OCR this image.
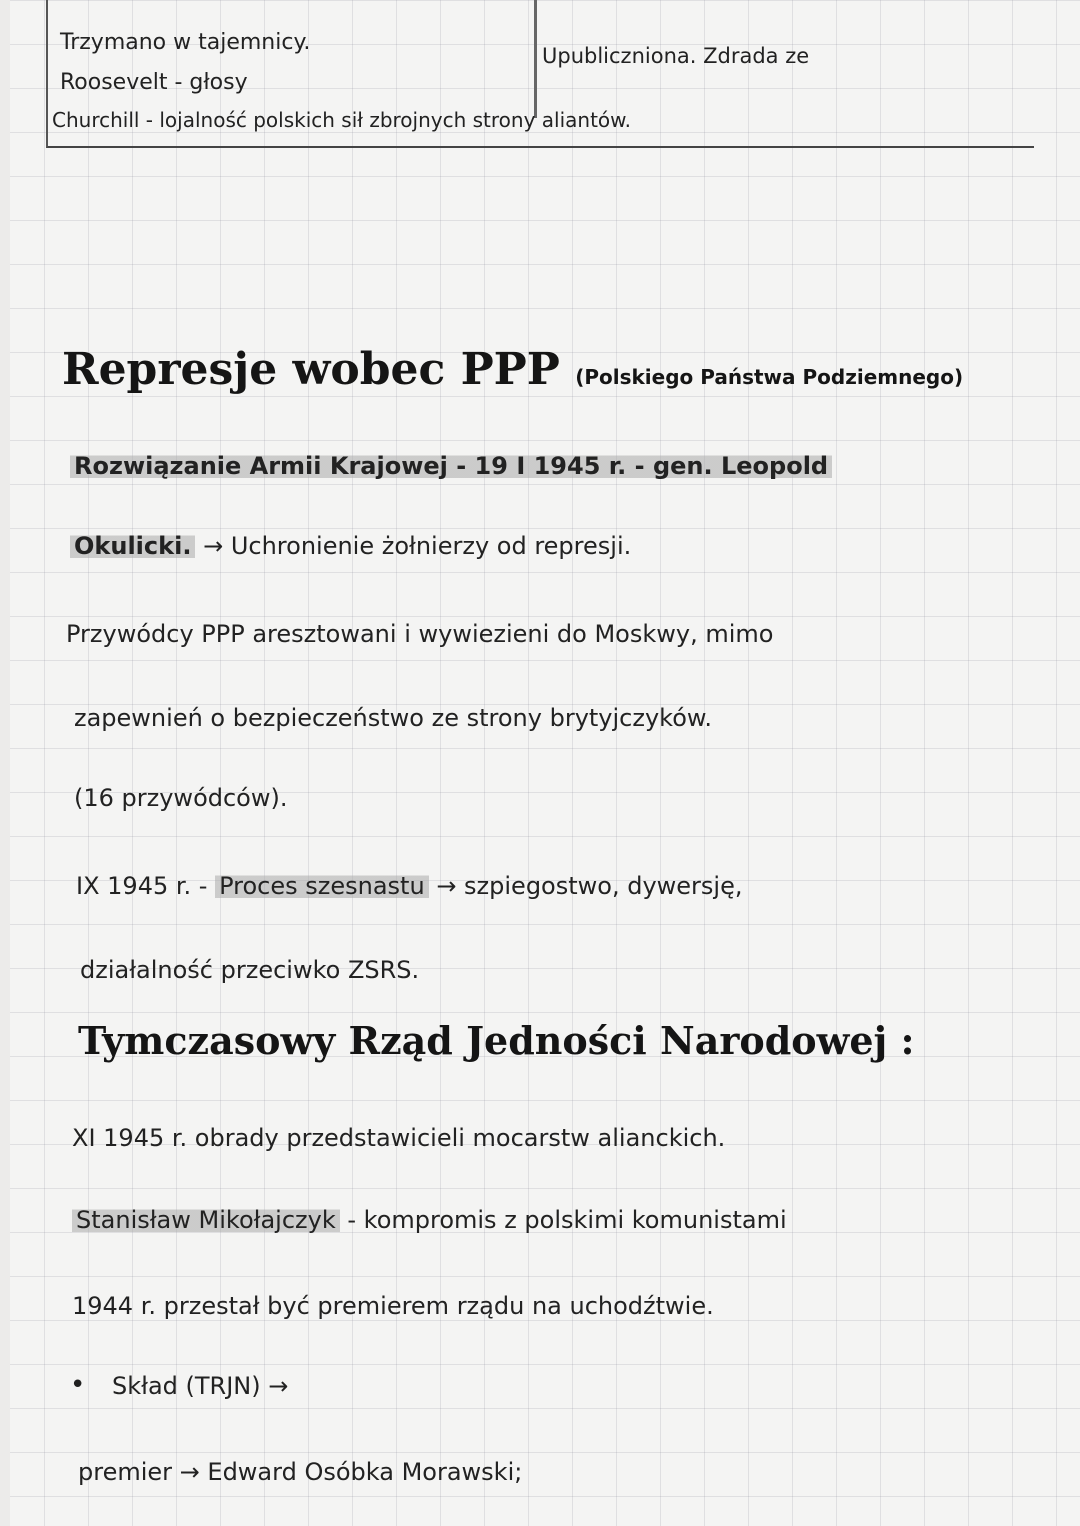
Trzymano w tajemnicy.
Upubliczniona. Zdrada ze
Roosevelt - głosy
Churchill - lojalność polskich sił zbrojnych strony aliantów.
Represje wobec PPP (Polskiego Państwa Podziemnego)
Rozwiązanie Armii Krajowej - 19 I 1945 r. - gen. Leopold
Okulicki. → Uchronienie żołnierzy od represji.
Przywódcy PPP aresztowani i wywiezieni do Moskwy, mimo
zapewnień o bezpieczeństwo ze strony brytyjczyków.
(16 przywódców).
IX 1945 r. - Proces szesnastu → szpiegostwo, dywersję,
działalność przeciwko ZSRS.
Tymczasowy Rząd Jedności Narodowej :
XI 1945 r. obrady przedstawicieli mocarstw alianckich.
Stanisław Mikołajczyk - kompromis z polskimi komunistami
1944 r. przestał być premierem rządu na uchodźtwie.
• Skład (TRJN) →
premier → Edward Osóbka Morawski;
